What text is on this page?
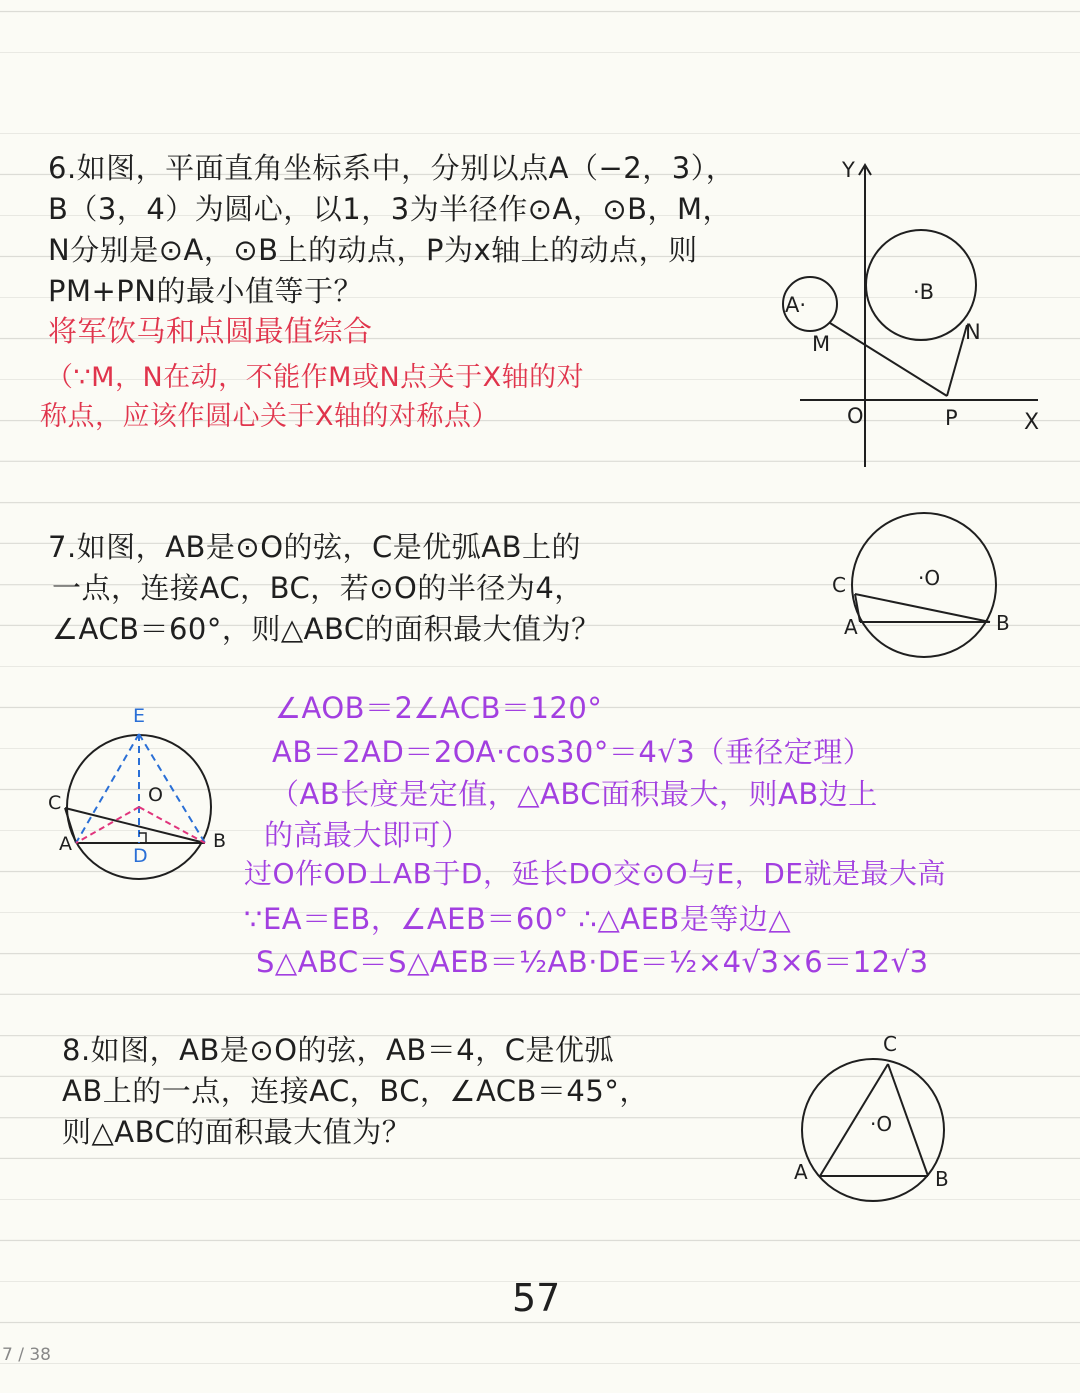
6.如图，平面直角坐标系中，分别以点A（−2，3），
B（3，4）为圆心，以1，3为半径作⊙A，⊙B，M，
N分别是⊙A，⊙B上的动点，P为x轴上的动点，则
PM+PN的最小值等于？
将军饮马和点圆最值综合
（∵M，N在动，不能作M或N点关于X轴的对
称点，应该作圆心关于X轴的对称点）
Y
X
O	P
M	N
A·
·B
7.如图，AB是⊙O的弦，C是优弧AB上的
一点，连接AC，BC，若⊙O的半径为4，
∠ACB＝60°，则△ABC的面积最大值为？
C
A	B
·O
E
C	O
A	B
D
∠AOB＝2∠ACB＝120°
AB＝2AD＝2OA·cos30°＝4√3（垂径定理）
（AB长度是定值，△ABC面积最大，则AB边上
的高最大即可）
过O作OD⊥AB于D，延长DO交⊙O与E，DE就是最大高
∵EA＝EB，∠AEB＝60° ∴△AEB是等边△
S△ABC＝S△AEB＝½AB·DE＝½×4√3×6＝12√3
8.如图，AB是⊙O的弦，AB＝4，C是优弧
AB上的一点，连接AC，BC，∠ACB＝45°，
则△ABC的面积最大值为？
C
A	B
·O
57
7 / 38
